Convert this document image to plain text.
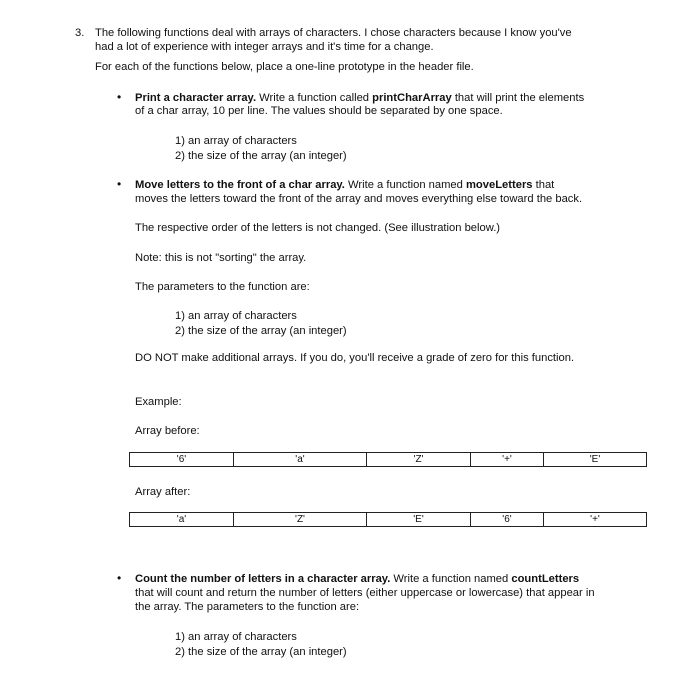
3. The following functions deal with arrays of characters. I chose characters because I know you've
had a lot of experience with integer arrays and it's time for a change.
For each of the functions below, place a one-line prototype in the header file.
• Print a character array. Write a function called printCharArray that will print the elements
of a char array, 10 per line. The values should be separated by one space.
1) an array of characters
2) the size of the array (an integer)
• Move letters to the front of a char array. Write a function named moveLetters that
moves the letters toward the front of the array and moves everything else toward the back.
The respective order of the letters is not changed. (See illustration below.)
Note: this is not "sorting" the array.
The parameters to the function are:
1) an array of characters
2) the size of the array (an integer)
DO NOT make additional arrays. If you do, you'll receive a grade of zero for this function.
Example:
Array before:
'6'	'a'	'Z'	'+'	'E'
Array after:
'a'	'Z'	'E'	'6'	'+'
• Count the number of letters in a character array. Write a function named countLetters
that will count and return the number of letters (either uppercase or lowercase) that appear in
the array. The parameters to the function are:
1) an array of characters
2) the size of the array (an integer)
